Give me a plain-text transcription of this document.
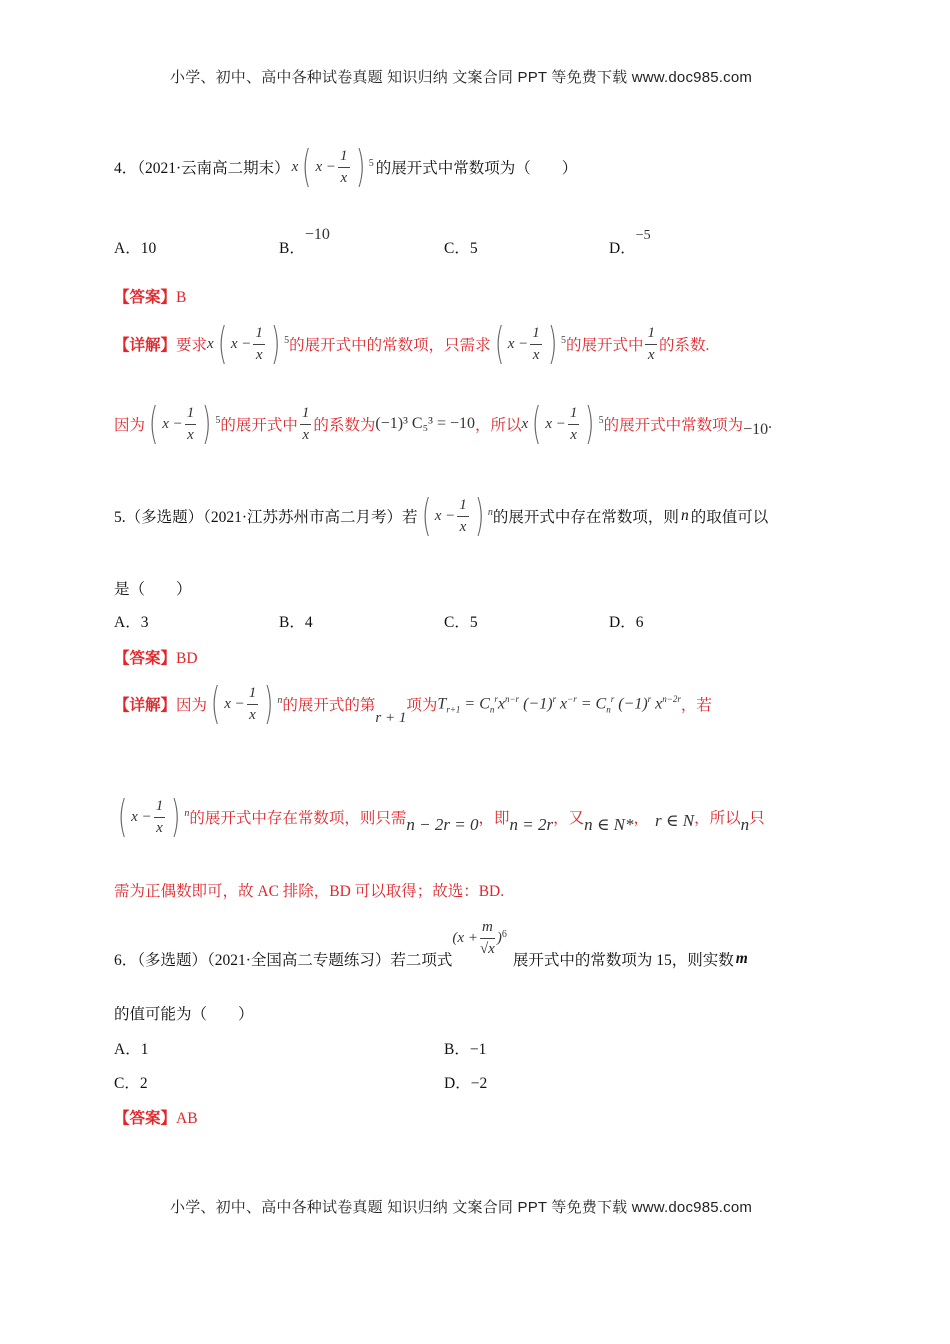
小学、初中、高中各种试卷真题 知识归纳 文案合同 PPT 等免费下载 www.doc985.com
4．（2021·云南高二期末） x ( $x - \frac{1}{x}$ ) 5 的展开式中常数项为（　　）
A．10	B．−10
C．5	D．−5
【答案】B
【详解】 要求 x ( $x - \frac{1}{x}$ ) 5 的展开式中的常数项，只需求 ( $x - \frac{1}{x}$ ) 5 的展开式中 $\frac{1}{x}$ 的系数.
因为 ( $x - \frac{1}{x}$ ) 5 的展开式中 $\frac{1}{x}$ 的系数为 (−1)³ C₅³ = −10 ，所以 x ( $x - \frac{1}{x}$ ) 5 的展开式中常数项为 −10 .
5.（多选题）（2021·江苏苏州市高二月考）若 ( $x - \frac{1}{x}$ ) n 的展开式中存在常数项，则 n 的取值可以
是（　　）
A．3	B．4	C．5	D．6
【答案】BD
【详解】 因为 ( $x - \frac{1}{x}$ ) n 的展开式的第
r + 1
项为 $T_{r+1} = C_n^rx^{n-r}$ $(-1)^r$ $x^{-r} = C_n^r$ $(-1)^r$ $x^{n-2r}$ ，若
( $x - \frac{1}{x}$ ) n 的展开式中存在常数项，则只需 n − 2r = 0 ，即 n = 2r ，又 n ∈ N* ， r ∈ N ，所以 n 只
需为正偶数即可，故 AC 排除，BD 可以取得；故选：BD.
6．（多选题）（2021·全国高二专题练习）若二项式
($x + \frac{m}{√x}$ ) 6
展开式中的常数项为 15，则实数 m
的值可能为（　　）
A．1	B．−1
C．2	D．−2
【答案】AB
小学、初中、高中各种试卷真题 知识归纳 文案合同 PPT 等免费下载 www.doc985.com
